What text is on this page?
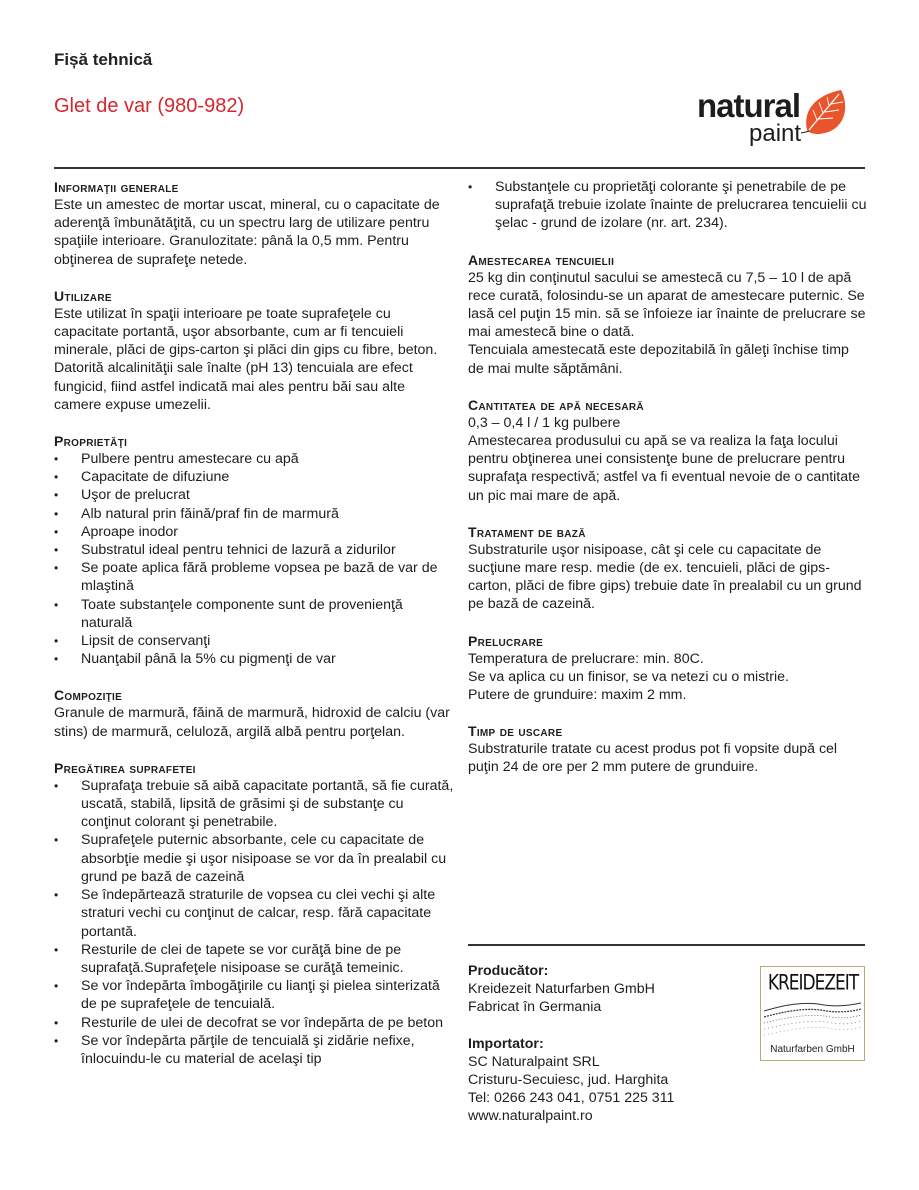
Fișă tehnică
Glet de var (980-982)	natural
paint
Informaţii generale

Este un amestec de mortar uscat, mineral, cu o capacitate de aderenţă îmbunătăţită, cu un spectru larg de utilizare pentru spaţiile interioare. Granulozitate: până la 0,5 mm. Pentru obţinerea de suprafeţe netede.

Utilizare

Este utilizat în spaţii interioare pe toate suprafeţele cu capacitate portantă, uşor absorbante, cum ar fi tencuieli minerale, plăci de gips-carton şi plăci din gips cu fibre, beton. Datorită alcalinităţii sale înalte (pH 13) tencuiala are efect fungicid, fiind astfel indicată mai ales pentru băi sau alte camere expuse umezelii.

Proprietăţi
• Pulbere pentru amestecare cu apă
• Capacitate de difuziune
• Uşor de prelucrat
• Alb natural prin făină/praf fin de marmură
• Aproape inodor
• Substratul ideal pentru tehnici de lazură a zidurilor
• Se poate aplica fără probleme vopsea pe bază de var de mlaştină
• Toate substanţele componente sunt de provenienţă naturală
• Lipsit de conservanţi
• Nuanţabil până la 5% cu pigmenţi de var
Compoziţie

Granule de marmură, făină de marmură, hidroxid de calciu (var stins) de marmură, celuloză, argilă albă pentru porţelan.

Pregătirea suprafetei
• Suprafaţa trebuie să aibă capacitate portantă, să fie curată, uscată, stabilă, lipsită de grăsimi şi de substanţe cu conţinut colorant şi penetrabile.
• Suprafeţele puternic absorbante, cele cu capacitate de absorbţie medie şi uşor nisipoase se vor da în prealabil cu grund pe bază de cazeină
• Se îndepărtează straturile de vopsea cu clei vechi şi alte straturi vechi cu conţinut de calcar, resp. fără capacitate portantă.
• Resturile de clei de tapete se vor curăţă bine de pe suprafaţă.Suprafeţele nisipoase se curăţă temeinic.
• Se vor îndepărta îmbogăţirile cu lianţi şi pielea sinterizată de pe suprafeţele de tencuială.
• Resturile de ulei de decofrat se vor îndepărta de pe beton
• Se vor îndepărta părţile de tencuială şi zidărie nefixe, înlocuindu-le cu material de acelaşi tip
• Substanţele cu proprietăţi colorante şi penetrabile de pe suprafaţă trebuie izolate înainte de prelucrarea tencuielii cu şelac - grund de izolare (nr. art. 234).
Amestecarea tencuielii

25 kg din conţinutul sacului se amestecă cu 7,5 – 10 l de apă rece curată, folosindu-se un aparat de amestecare puternic. Se lasă cel puţin 15 min. să se înfoieze iar înainte de prelucrare se mai amestecă bine o dată.

Tencuiala amestecată este depozitabilă în găleţi închise timp de mai multe săptămâni.

Cantitatea de apă necesară

0,3 – 0,4 l / 1 kg pulbere

Amestecarea produsului cu apă se va realiza la faţa locului pentru obţinerea unei consistenţe bune de prelucrare pentru suprafaţa respectivă; astfel va fi eventual nevoie de o cantitate un pic mai mare de apă.

Tratament de bază

Substraturile uşor nisipoase, cât şi cele cu capacitate de sucţiune mare resp. medie (de ex. tencuieli, plăci de gips-carton, plăci de fibre gips) trebuie date în prealabil cu un grund pe bază de cazeină.

Prelucrare

Temperatura de prelucrare: min. 80C.

Se va aplica cu un finisor, se va netezi cu o mistrie.

Putere de grunduire: maxim 2 mm.

Timp de uscare

Substraturile tratate cu acest produs pot fi vopsite după cel puţin 24 de ore per 2 mm putere de grunduire.

Producător:
Kreidezeit Naturfarben GmbH
Fabricat în Germania
Importator:
SC Naturalpaint SRL
Cristuru-Secuiesc, jud. Harghita
Tel: 0266 243 041, 0751 225 311
www.naturalpaint.ro
KREIDEZEIT
Naturfarben GmbH
